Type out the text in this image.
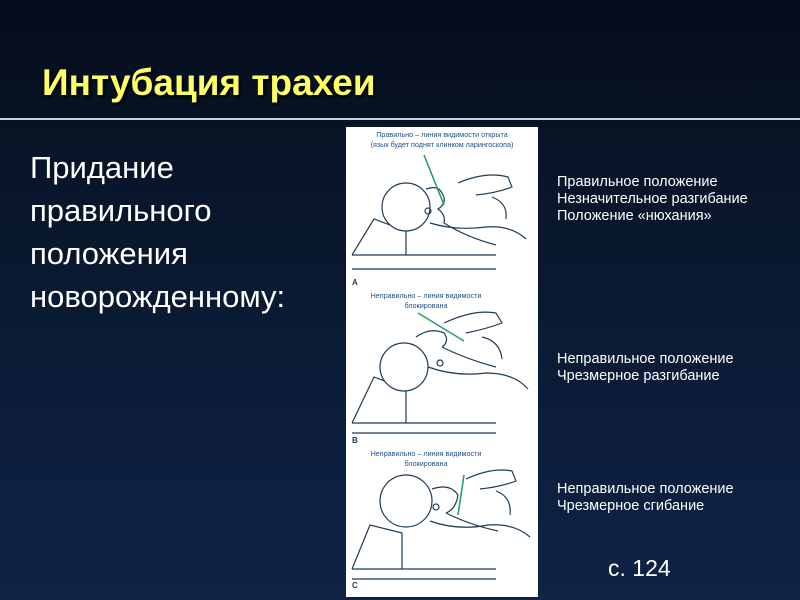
Интубация трахеи
Придание правильного положения новорожденному:
Правильно – линия видимости открыта
(язык будет поднят клинком ларингоскопа)
Неправильно – линия видимости
блокирована
Неправильно – линия видимости
блокирована
A
B
C
Правильное положение
Незначительное разгибание
Положение «нюхания»
Неправильное положение
Чрезмерное разгибание
Неправильное положение
Чрезмерное сгибание
с. 124
